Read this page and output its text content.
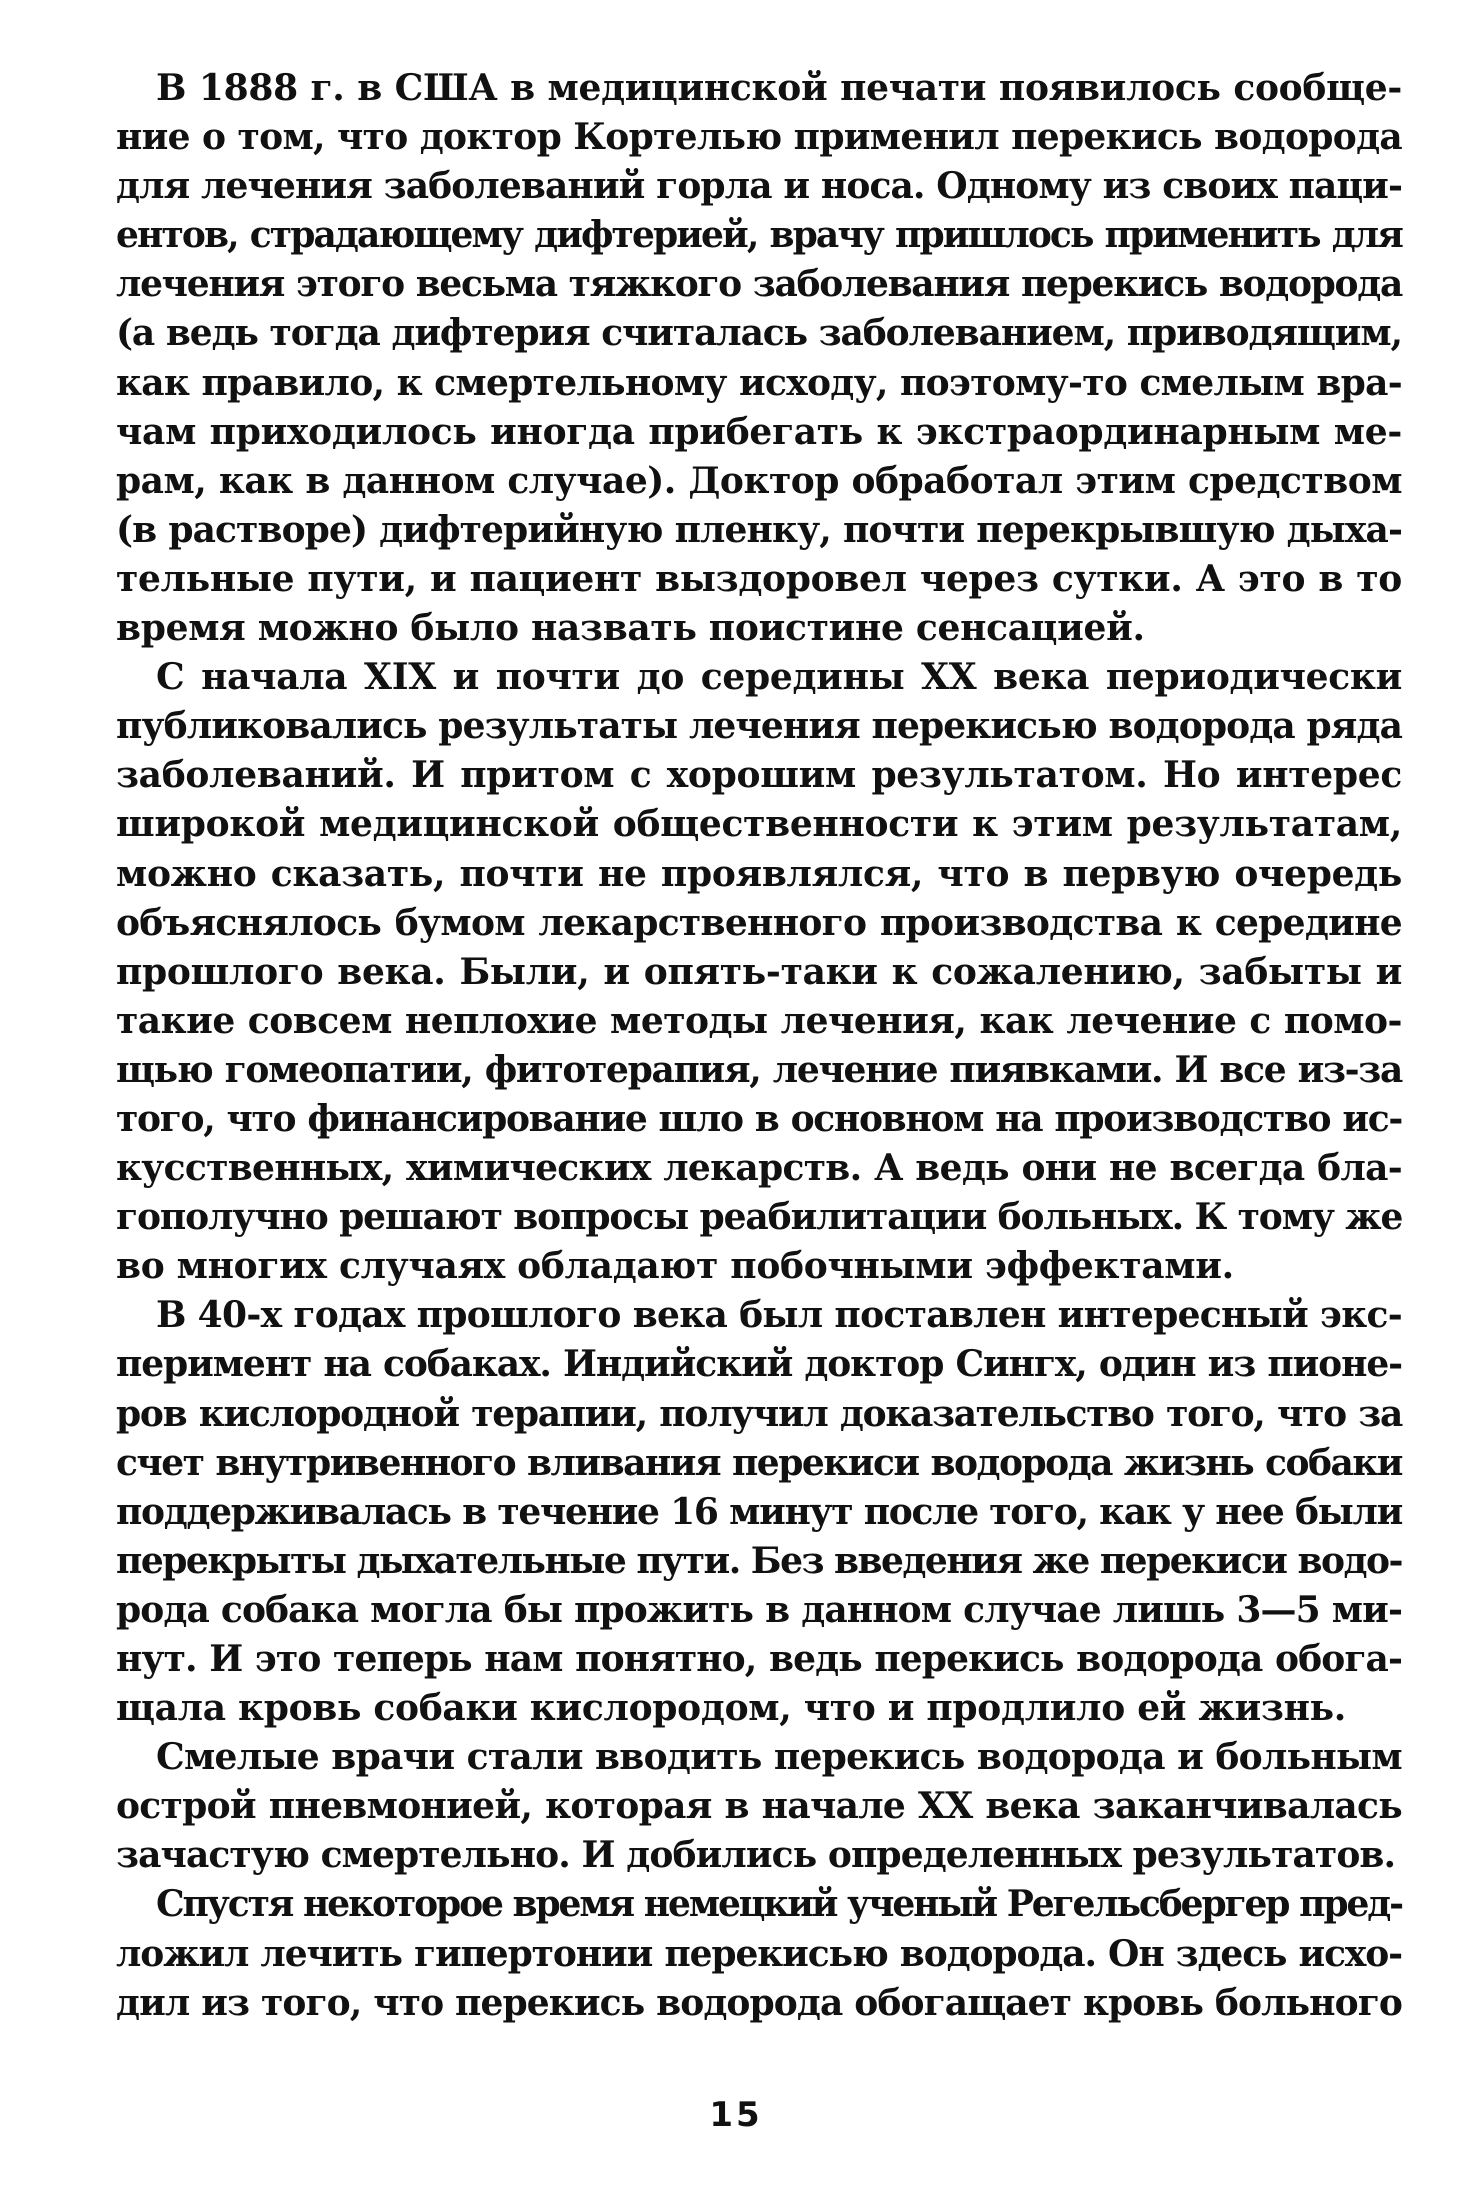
В 1888 г. в США в медицинской печати появилось сообще-
ние о том, что доктор Кортелью применил перекись водорода
для лечения заболеваний горла и носа. Одному из своих паци-
ентов, страдающему дифтерией, врачу пришлось применить для
лечения этого весьма тяжкого заболевания перекись водорода
(а ведь тогда дифтерия считалась заболеванием, приводящим,
как правило, к смертельному исходу, поэтому-то смелым вра-
чам приходилось иногда прибегать к экстраординарным ме-
рам, как в данном случае). Доктор обработал этим средством
(в растворе) дифтерийную пленку, почти перекрывшую дыха-
тельные пути, и пациент выздоровел через сутки. А это в то
время можно было назвать поистине сенсацией.
С начала XIX и почти до середины XX века периодически
публиковались результаты лечения перекисью водорода ряда
заболеваний. И притом с хорошим результатом. Но интерес
широкой медицинской общественности к этим результатам,
можно сказать, почти не проявлялся, что в первую очередь
объяснялось бумом лекарственного производства к середине
прошлого века. Были, и опять-таки к сожалению, забыты и
такие совсем неплохие методы лечения, как лечение с помо-
щью гомеопатии, фитотерапия, лечение пиявками. И все из-за
того, что финансирование шло в основном на производство ис-
кусственных, химических лекарств. А ведь они не всегда бла-
гополучно решают вопросы реабилитации больных. К тому же
во многих случаях обладают побочными эффектами.
В 40-х годах прошлого века был поставлен интересный экс-
перимент на собаках. Индийский доктор Сингх, один из пионе-
ров кислородной терапии, получил доказательство того, что за
счет внутривенного вливания перекиси водорода жизнь собаки
поддерживалась в течение 16 минут после того, как у нее были
перекрыты дыхательные пути. Без введения же перекиси водо-
рода собака могла бы прожить в данном случае лишь 3—5 ми-
нут. И это теперь нам понятно, ведь перекись водорода обога-
щала кровь собаки кислородом, что и продлило ей жизнь.
Смелые врачи стали вводить перекись водорода и больным
острой пневмонией, которая в начале XX века заканчивалась
зачастую смертельно. И добились определенных результатов.
Спустя некоторое время немецкий ученый Регельсбергер пред-
ложил лечить гипертонии перекисью водорода. Он здесь исхо-
дил из того, что перекись водорода обогащает кровь больного
15
